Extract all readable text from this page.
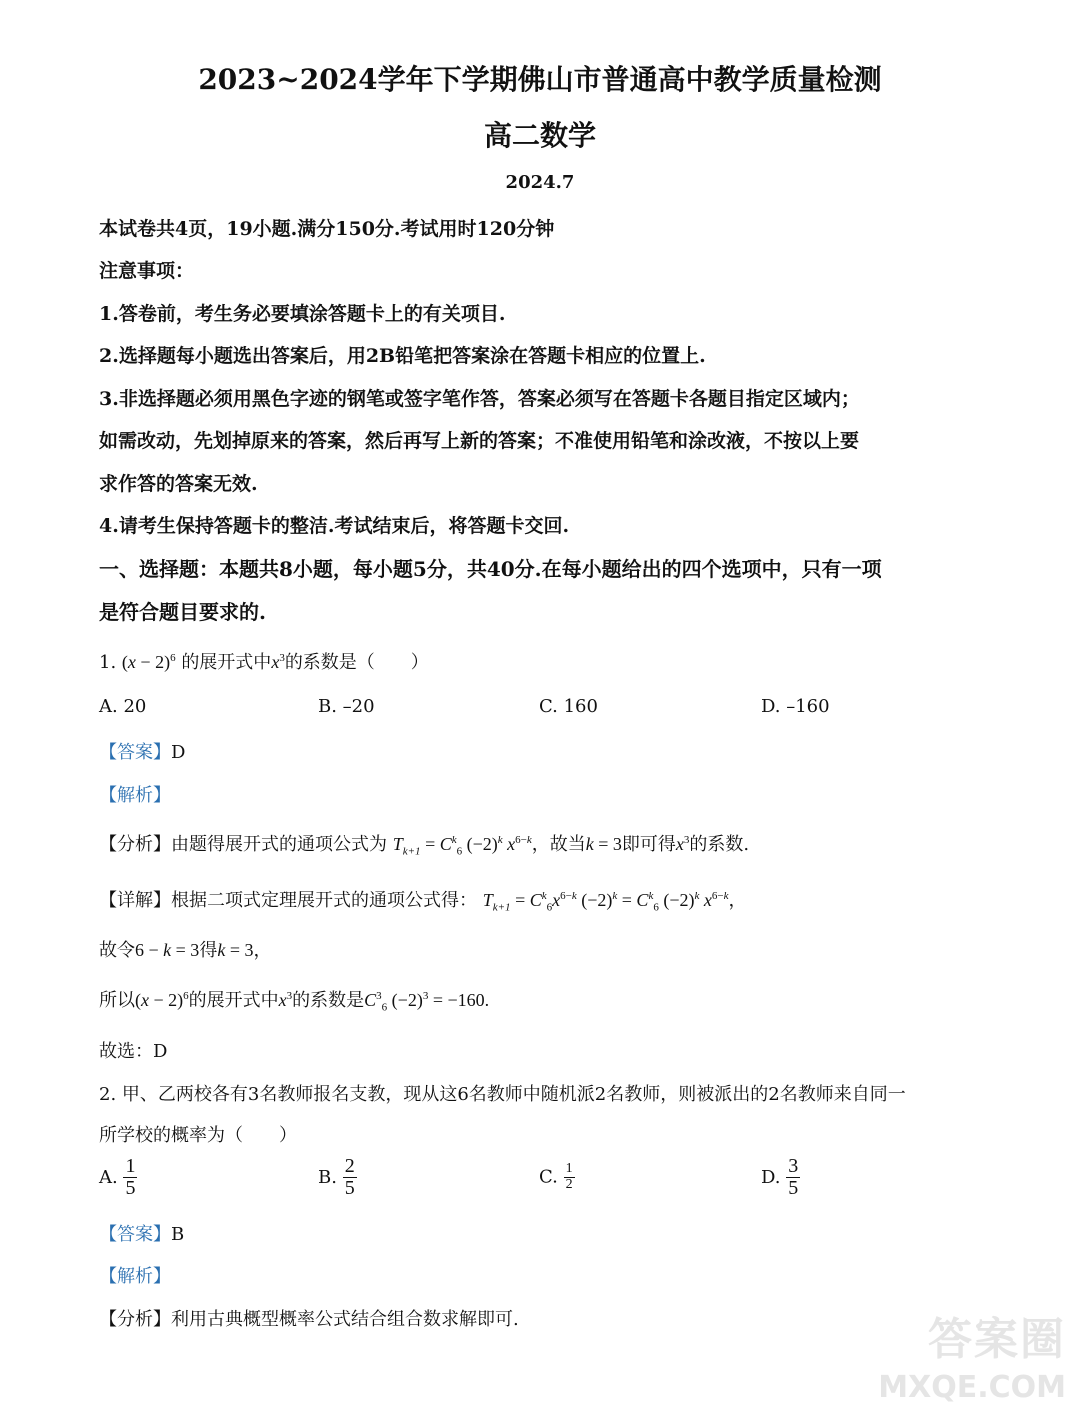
2023~2024学年下学期佛山市普通高中教学质量检测
高二数学
2024.7
本试卷共4页，19小题.满分150分.考试用时120分钟
注意事项：
1.答卷前，考生务必要填涂答题卡上的有关项目.
2.选择题每小题选出答案后，用2B铅笔把答案涂在答题卡相应的位置上.
3.非选择题必须用黑色字迹的钢笔或签字笔作答，答案必须写在答题卡各题目指定区域内；
如需改动，先划掉原来的答案，然后再写上新的答案；不准使用铅笔和涂改液，不按以上要
求作答的答案无效.
4.请考生保持答题卡的整洁.考试结束后，将答题卡交回.
一、选择题：本题共8小题，每小题5分，共40分.在每小题给出的四个选项中，只有一项
是符合题目要求的.
1. $(x - 2)^6$ 的展开式中$x^3$的系数是（　　）
A. 20	B. –20	C. 160	D. –160
【答案】D
【解析】
【分析】由题得展开式的通项公式为 $T_{k+1} = C^k_6$ $(-2)^k$ $x^{6-k}$，故当k = 3即可得$x^3$的系数.
【详解】根据二项式定理展开式的通项公式得： $T_{k+1} = C^k_6x^{6-k}$ $(-2)^k = C^k_6$ $(-2)^k$ $x^{6-k}$，
故令6 − k = 3得k = 3，
所以$(x - 2)^6$的展开式中$x^3$的系数是$C^3_6$ $(-2)^3 = -160$.
故选：D
2. 甲、乙两校各有3名教师报名支教，现从这6名教师中随机派2名教师，则被派出的2名教师来自同一
所学校的概率为（　　）
A. $\frac{1}{5}$	B. $\frac{2}{5}$	C. $\frac{1}{2}$	D. $\frac{3}{5}$
【答案】B
【解析】
【分析】利用古典概型概率公式结合组合数求解即可.	答案圈
MXQE.COM
